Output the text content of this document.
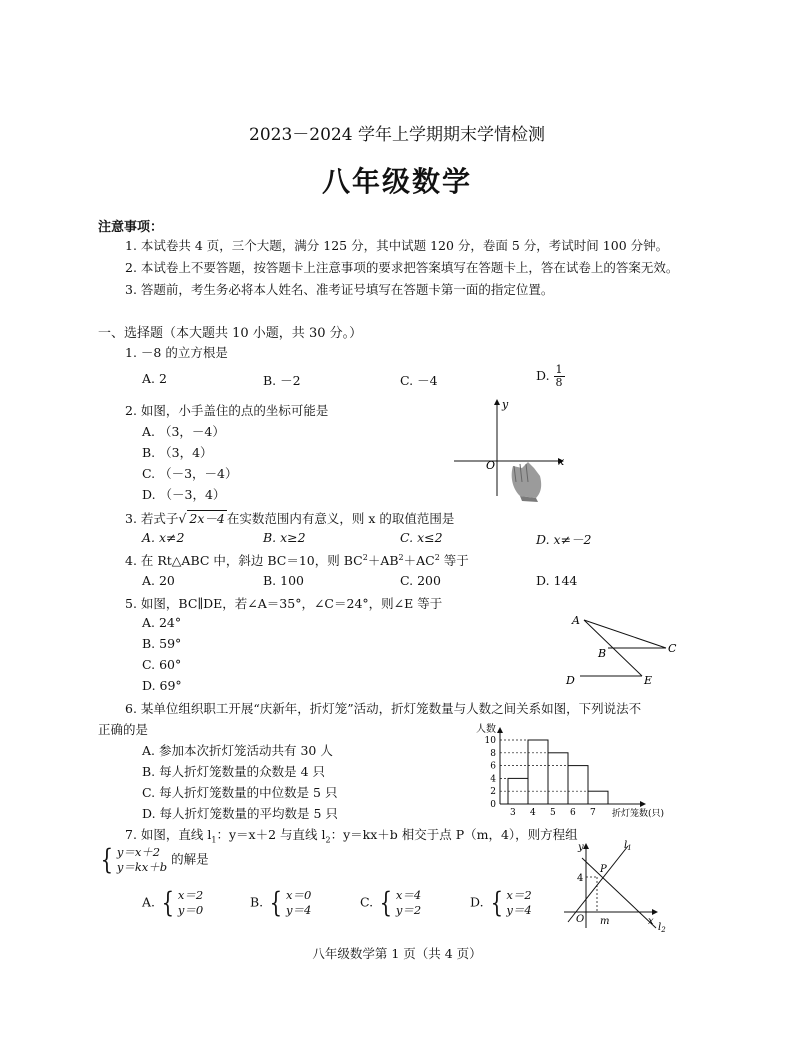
2023－2024 学年上学期期末学情检测
八年级数学
注意事项：
1. 本试卷共 4 页，三个大题，满分 125 分，其中试题 120 分，卷面 5 分，考试时间 100 分钟。
2. 本试卷上不要答题，按答题卡上注意事项的要求把答案填写在答题卡上，答在试卷上的答案无效。
3. 答题前，考生务必将本人姓名、准考证号填写在答题卡第一面的指定位置。
一、选择题（本大题共 10 小题，共 30 分。）
1. －8 的立方根是
A. 2	B. －2	C. －4	D. $\frac{1}{8}$
2. 如图，小手盖住的点的坐标可能是
A. （3，－4）
B. （3，4）
C. （－3，－4）
D. （－3，4）
y
x
O
3. 若式子√ 2x－4 在实数范围内有意义，则 x 的取值范围是
A. x≠2	B. x≥2	C. x≤2	D. x≠－2
4. 在 Rt△ABC 中，斜边 BC＝10，则 $BC^2+AB^2+AC^2$ 等于
A. 20	B. 100	C. 200	D. 144
5. 如图，BC∥DE，若∠A＝35°，∠C＝24°，则∠E 等于
A. 24°
B. 59°
C. 60°
D. 69°
A
B	C
D	E
6. 某单位组织职工开展“庆新年，折灯笼”活动，折灯笼数量与人数之间关系如图，下列说法不
正确的是
A. 参加本次折灯笼活动共有 30 人
B. 每人折灯笼数量的众数是 4 只
C. 每人折灯笼数量的中位数是 5 只
D. 每人折灯笼数量的平均数是 5 只
0
2
4
6
8
10
3 4 5 6 7
人数
折灯笼数(只)
7. 如图，直线 $l_1$：y＝x＋2 与直线 $l_2$：y＝kx＋b 相交于点 P（m，4），则方程组
{ y＝x＋2
y＝kx＋b
的解是
A. { x＝2
y＝0
B. { x＝0
y＝4
C. { x＝4
y＝2
D. { x＝2
y＝4
y
x
O
P
4
m
$l_1$
$l_2$
八年级数学第 1 页（共 4 页）
